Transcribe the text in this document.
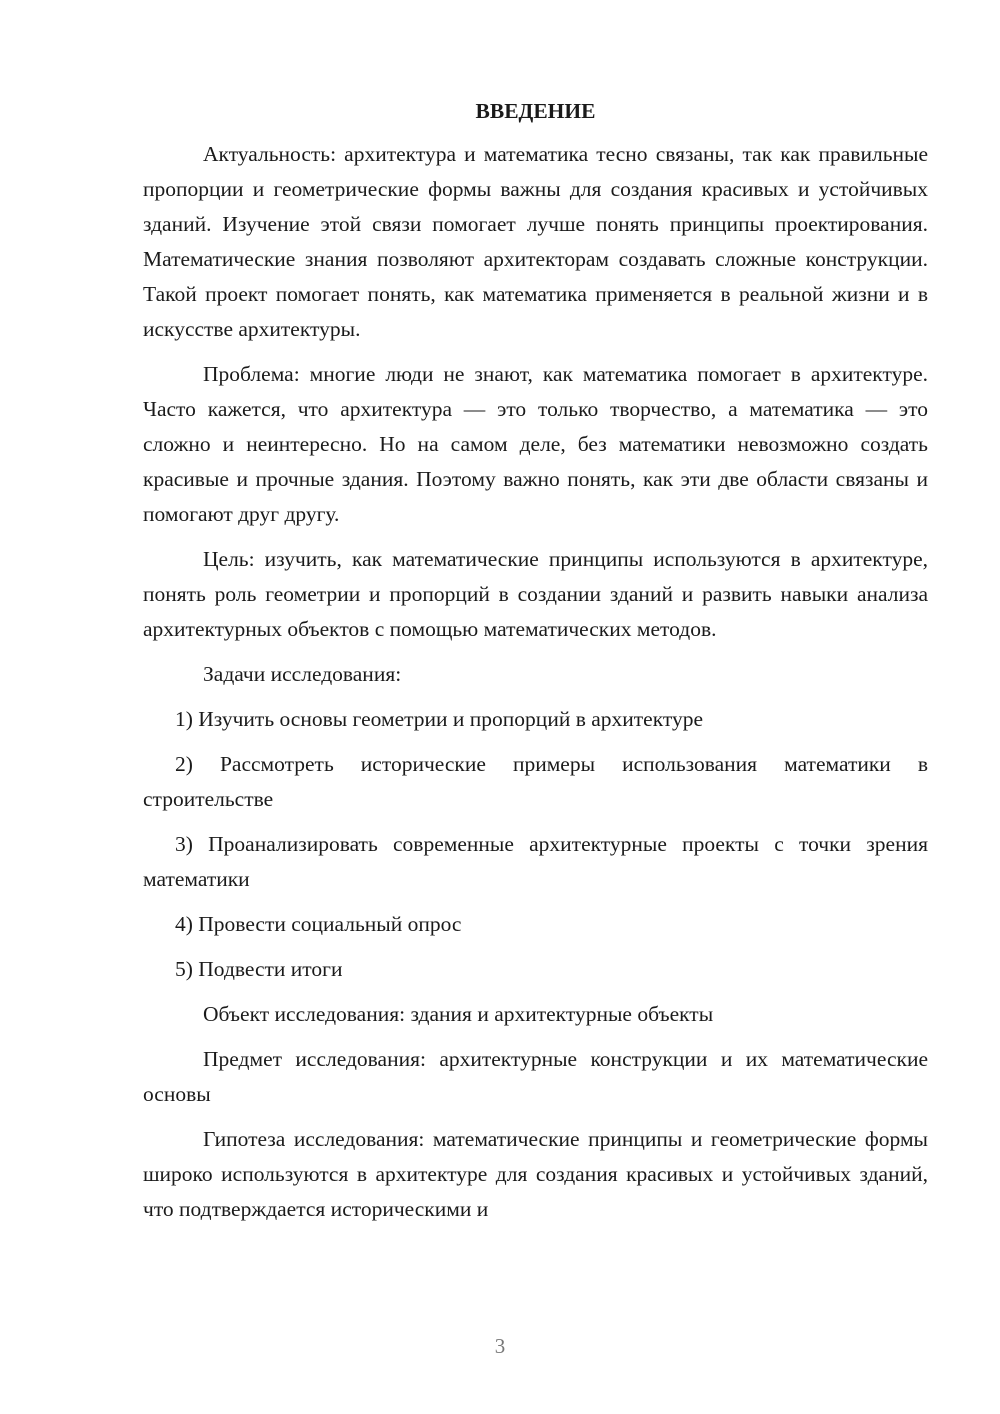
ВВЕДЕНИЕ

Актуальность: архитектура и математика тесно связаны, так как правильные пропорции и геометрические формы важны для создания красивых и устойчивых зданий. Изучение этой связи помогает лучше понять принципы проектирования. Математические знания позволяют архитекторам создавать сложные конструкции. Такой проект помогает понять, как математика применяется в реальной жизни и в искусстве архитектуры.

Проблема: многие люди не знают, как математика помогает в архитектуре. Часто кажется, что архитектура — это только творчество, а математика — это сложно и неинтересно. Но на самом деле, без математики невозможно создать красивые и прочные здания. Поэтому важно понять, как эти две области связаны и помогают друг другу.

Цель: изучить, как математические принципы используются в архитектуре, понять роль геометрии и пропорций в создании зданий и развить навыки анализа архитектурных объектов с помощью математических методов.

Задачи исследования:

1) Изучить основы геометрии и пропорций в архитектуре

2) Рассмотреть исторические примеры использования математики в строительстве

3) Проанализировать современные архитектурные проекты с точки зрения математики

4) Провести социальный опрос

5) Подвести итоги

Объект исследования: здания и архитектурные объекты

Предмет исследования: архитектурные конструкции и их математические основы

Гипотеза исследования: математические принципы и геометрические формы широко используются в архитектуре для создания красивых и устойчивых зданий, что подтверждается историческими и

3
